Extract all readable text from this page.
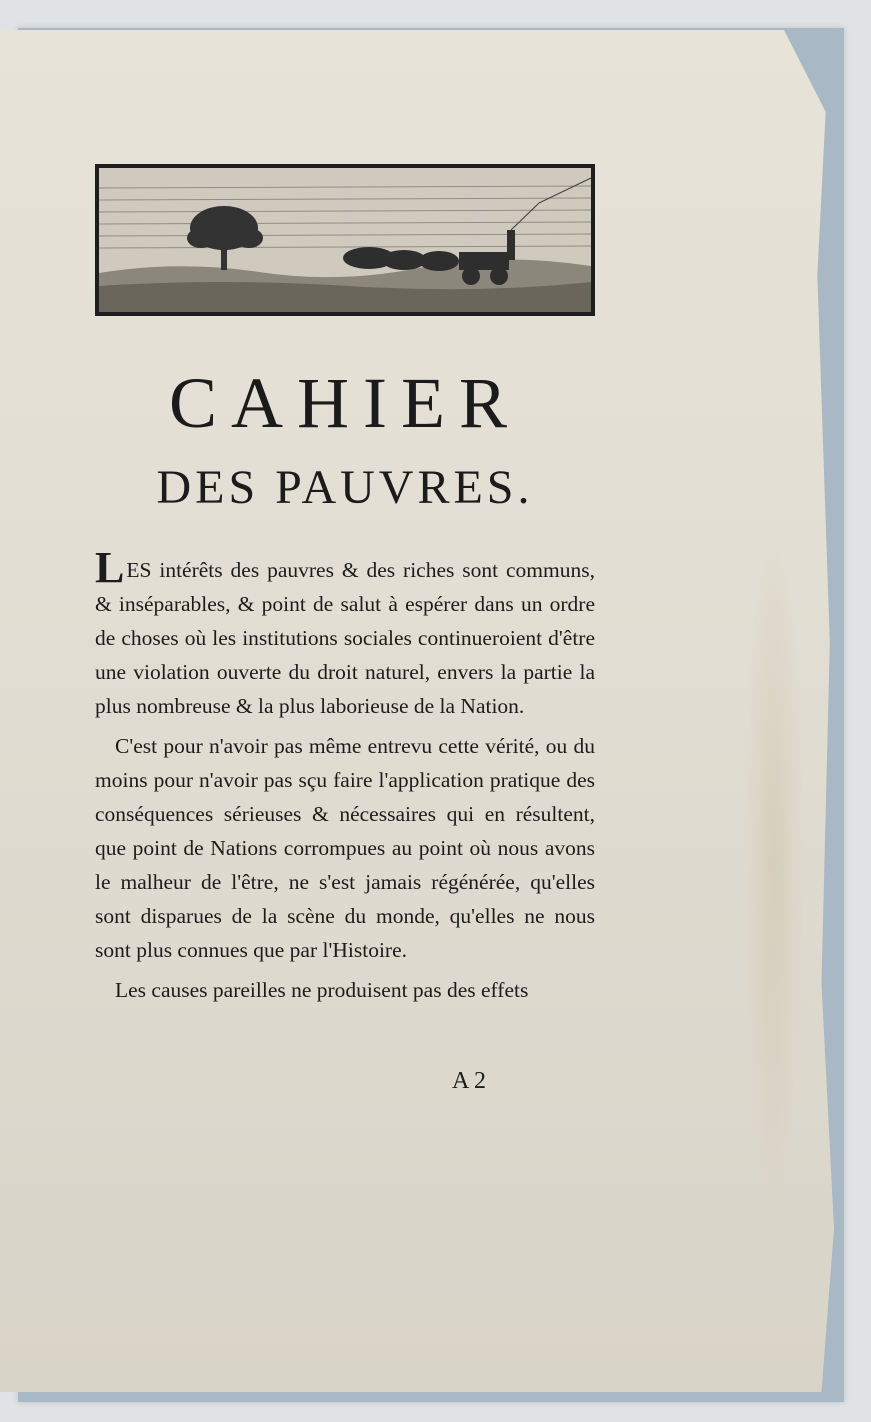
CAHIER
DES PAUVRES.

LES intérêts des pauvres & des riches sont communs, & inséparables, & point de salut à espérer dans un ordre de choses où les institutions sociales continueroient d'être une violation ouverte du droit naturel, envers la partie la plus nombreuse & la plus laborieuse de la Nation.

C'est pour n'avoir pas même entrevu cette vérité, ou du moins pour n'avoir pas sçu faire l'application pratique des conséquences sérieuses & nécessaires qui en résultent, que point de Nations corrompues au point où nous avons le malheur de l'être, ne s'est jamais régénérée, qu'elles sont disparues de la scène du monde, qu'elles ne nous sont plus connues que par l'Histoire.

Les causes pareilles ne produisent pas des effets

A 2
